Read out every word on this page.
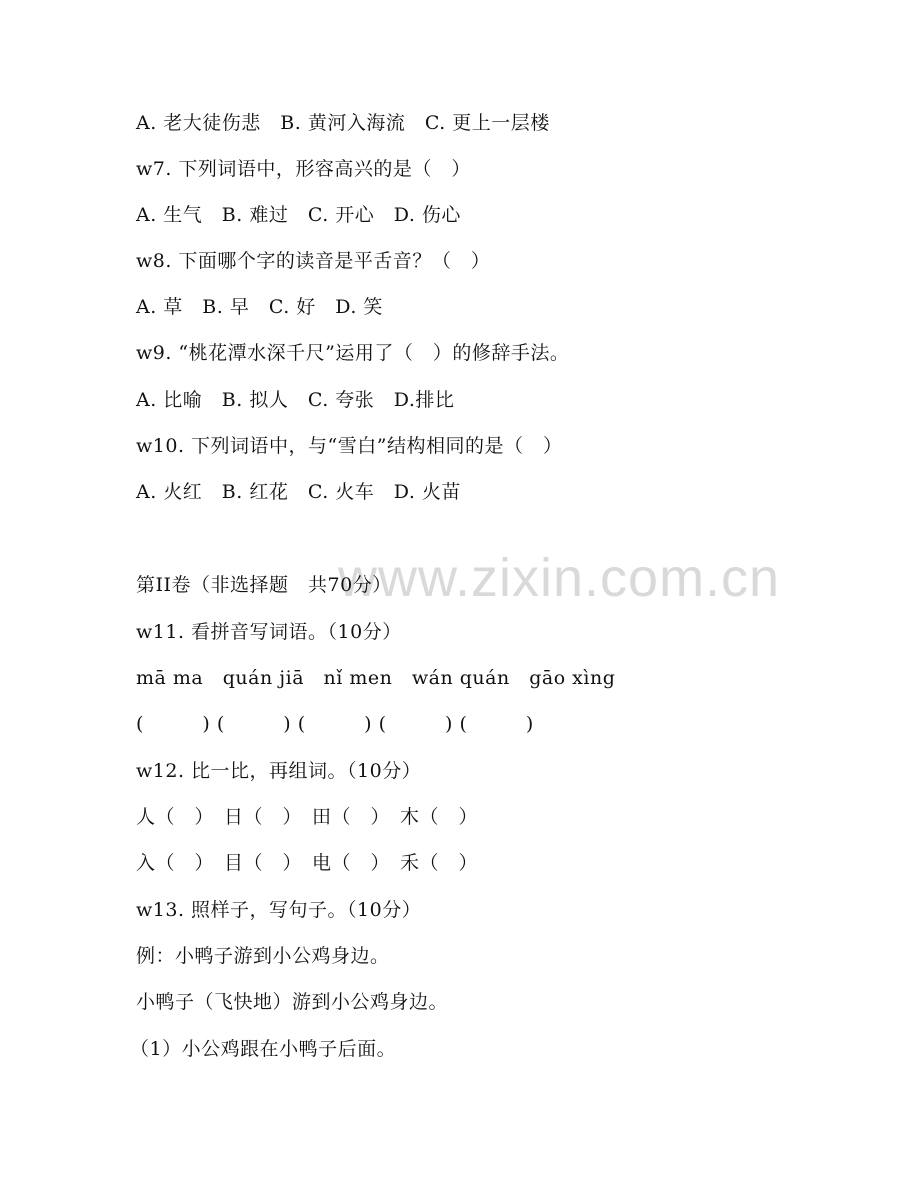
www.zixin.com.cn
A. 老大徒伤悲　B. 黄河入海流　C. 更上一层楼
w7. 下列词语中，形容高兴的是（　）
A. 生气　B. 难过　C. 开心　D. 伤心
w8. 下面哪个字的读音是平舌音？（　）
A. 草　B. 早　C. 好　D. 笑
w9. “桃花潭水深千尺”运用了（　）的修辞手法。
A. 比喻　B. 拟人　C. 夸张　D.排比
w10. 下列词语中，与“雪白”结构相同的是（　）
A. 火红　B. 红花　C. 火车　D. 火苗
第II卷（非选择题　共70分）
w11. 看拼音写词语。（10分）
mā ma　quán jiā　nǐ men　wán quán　gāo xìng
(　　　) (　　　) (　　　) (　　　) (　　　)
w12. 比一比，再组词。（10分）
人（　）　日（　）　田（　）　木（　）
入（　）　目（　）　电（　）　禾（　）
w13. 照样子，写句子。（10分）
例：小鸭子游到小公鸡身边。
小鸭子（飞快地）游到小公鸡身边。
（1）小公鸡跟在小鸭子后面。
